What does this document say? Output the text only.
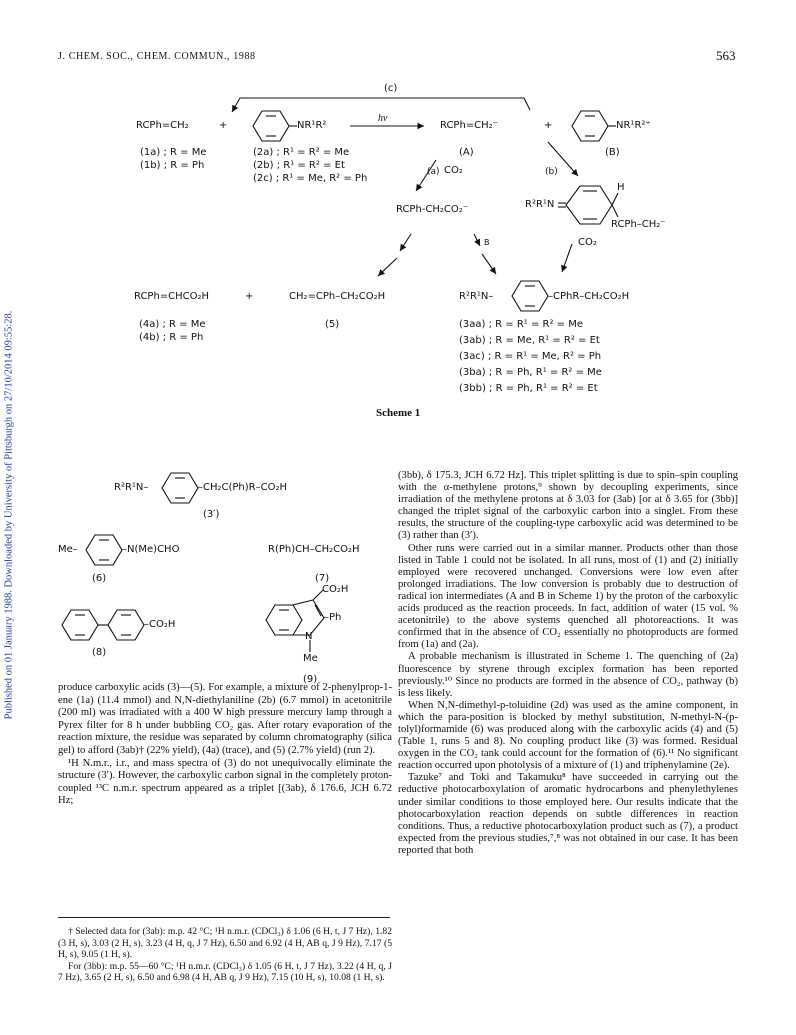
J. CHEM. SOC., CHEM. COMMUN., 1988	563
Published on 01 January 1988. Downloaded by University of Pittsburgh on 27/10/2014 09:55:28.
(c)
hν
RCPh=CH₂	+	NR¹R²
(1a) ; R = Me
(1b) ; R = Ph
(2a) ; R¹ = R² = Me
(2b) ; R¹ = R² = Et
(2c) ; R¹ = Me, R² = Ph
RCPh=CH₂⁻	+	NR¹R²⁺
(A)	(B)
(a) CO₂	(b)
RCPh-CH₂CO₂⁻	R²R¹N
H
RCPh–CH₂⁻
B	CO₂
RCPh=CHCO₂H	+	CH₂=CPh–CH₂CO₂H	R²R¹N–	–CPhR–CH₂CO₂H
(4a) ; R = Me
(4b) ; R = Ph
(5)	(3aa) ; R = R¹ = R² = Me
(3ab) ; R = Me, R¹ = R² = Et
(3ac) ; R = R¹ = Me, R² = Ph
(3ba) ; R = Ph, R¹ = R² = Me
(3bb) ; R = Ph, R¹ = R² = Et
Scheme 1
R²R¹N–	–CH₂C(Ph)R–CO₂H
(3′)
Me–	–N(Me)CHO
(6)
R(Ph)CH–CH₂CO₂H
(7)
–CO₂H
(8)
CO₂H
–Ph
N
Me
(9)

produce carboxylic acids (3)—(5). For example, a mixture of 2-phenylprop-1-ene (1a) (11.4 mmol) and N,N-diethylaniline (2b) (6.7 mmol) in acetonitrile (200 ml) was irradiated with a 400 W high pressure mercury lamp through a Pyrex filter for 8 h under bubbling CO₂ gas. After rotary evaporation of the reaction mixture, the residue was separated by column chromatography (silica gel) to afford (3ab)† (22% yield), (4a) (trace), and (5) (2.7% yield) (run 2).

¹H N.m.r., i.r., and mass spectra of (3) do not unequivocally eliminate the structure (3′). However, the carboxylic carbon signal in the completely proton-coupled ¹³C n.m.r. spectrum appeared as a triplet [(3ab), δ 176.6, JCH 6.72 Hz;

† Selected data for (3ab): m.p. 42 °C; ¹H n.m.r. (CDCl₃) δ 1.06 (6 H, t, J 7 Hz), 1.82 (3 H, s), 3.03 (2 H, s), 3.23 (4 H, q, J 7 Hz), 6.50 and 6.92 (4 H, AB q, J 9 Hz), 7.17 (5 H, s), 9.05 (1 H, s).

For (3bb): m.p. 55—60 °C; ¹H n.m.r. (CDCl₃) δ 1.05 (6 H, t, J 7 Hz), 3.22 (4 H, q, J 7 Hz), 3.65 (2 H, s), 6.50 and 6.98 (4 H, AB q, J 9 Hz), 7.15 (10 H, s), 10.08 (1 H, s).

(3bb), δ 175.3, JCH 6.72 Hz]. This triplet splitting is due to spin–spin coupling with the α-methylene protons,⁹ shown by decoupling experiments, since irradiation of the methylene protons at δ 3.03 for (3ab) [or at δ 3.65 for (3bb)] changed the triplet signal of the carboxylic carbon into a singlet. From these results, the structure of the coupling-type carboxylic acid was determined to be (3) rather than (3′).

Other runs were carried out in a similar manner. Products other than those listed in Table 1 could not be isolated. In all runs, most of (1) and (2) initially employed were recovered unchanged. Conversions were low even after prolonged irradiations. The low conversion is probably due to destruction of radical ion intermediates (A and B in Scheme 1) by the proton of the carboxylic acids produced as the reaction proceeds. In fact, addition of water (15 vol. % acetonitrile) to the above systems quenched all photoreactions. It was confirmed that in the absence of CO₂ essentially no photoproducts are formed from (1a) and (2a).

A probable mechanism is illustrated in Scheme 1. The quenching of (2a) fluorescence by styrene through exciplex formation has been reported previously.¹⁰ Since no products are formed in the absence of CO₂, pathway (b) is less likely.

When N,N-dimethyl-p-toluidine (2d) was used as the amine component, in which the para-position is blocked by methyl substitution, N-methyl-N-(p-tolyl)formamide (6) was produced along with the carboxylic acids (4) and (5) (Table 1, runs 5 and 8). No coupling product like (3) was formed. Residual oxygen in the CO₂ tank could account for the formation of (6).¹¹ No significant reaction occurred upon photolysis of a mixture of (1) and triphenylamine (2e).

Tazuke⁷ and Toki and Takamuku⁸ have succeeded in carrying out the reductive photocarboxylation of aromatic hydrocarbons and phenylethylenes under similar conditions to those employed here. Our results indicate that the photocarboxylation reaction depends on subtle differences in reaction conditions. Thus, a reductive photocarboxylation product such as (7), a product expected from the previous studies,⁷,⁸ was not obtained in our case. It has been reported that both
